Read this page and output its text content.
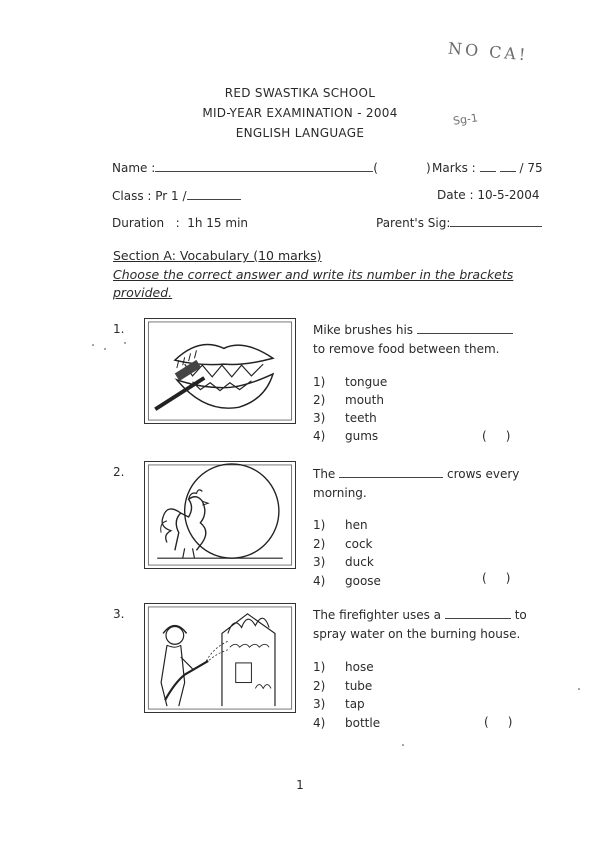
NO CA!
Sg-1
RED SWASTIKA SCHOOL
MID-YEAR EXAMINATION - 2004
ENGLISH LANGUAGE
Name :	(	) Marks :	/ 75
Class : Pr 1 /	Date : 10-5-2004
Duration   :  1h 15 min	Parent's Sig:
Section A: Vocabulary (10 marks)
Choose the correct answer and write its number in the brackets provided.
1.	Mike brushes his
to remove food between them.
1) tongue
2) mouth
3) teeth
4) gums	(     )
2.	The	crows every
morning.
1) hen
2) cock
3) duck
4) goose	(     )
3.	The firefighter uses a	to
spray water on the burning house.
1) hose
2) tube
3) tap
4) bottle	(     )
1
